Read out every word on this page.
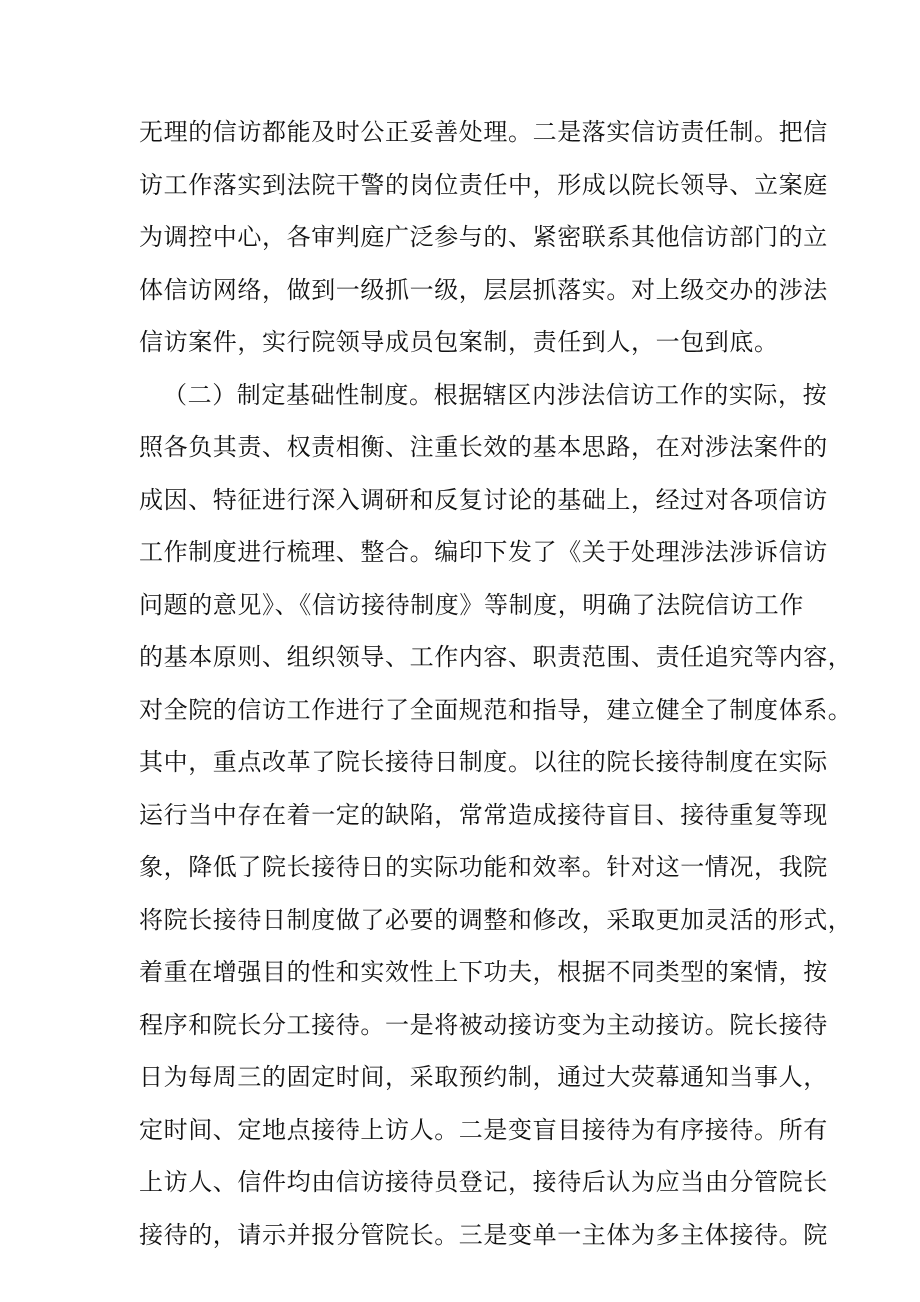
无理的信访都能及时公正妥善处理。二是落实信访责任制。把信
访工作落实到法院干警的岗位责任中，形成以院长领导、立案庭
为调控中心，各审判庭广泛参与的、紧密联系其他信访部门的立
体信访网络，做到一级抓一级，层层抓落实。对上级交办的涉法
信访案件，实行院领导成员包案制，责任到人，一包到底。
（二）制定基础性制度。根据辖区内涉法信访工作的实际，按
照各负其责、权责相衡、注重长效的基本思路，在对涉法案件的
成因、特征进行深入调研和反复讨论的基础上，经过对各项信访
工作制度进行梳理、整合。编印下发了《关于处理涉法涉诉信访
问题的意见》、《信访接待制度》等制度，明确了法院信访工作
的基本原则、组织领导、工作内容、职责范围、责任追究等内容，
对全院的信访工作进行了全面规范和指导，建立健全了制度体系。
其中，重点改革了院长接待日制度。以往的院长接待制度在实际
运行当中存在着一定的缺陷，常常造成接待盲目、接待重复等现
象，降低了院长接待日的实际功能和效率。针对这一情况，我院
将院长接待日制度做了必要的调整和修改，采取更加灵活的形式，
着重在增强目的性和实效性上下功夫，根据不同类型的案情，按
程序和院长分工接待。一是将被动接访变为主动接访。院长接待
日为每周三的固定时间，采取预约制，通过大荧幕通知当事人，
定时间、定地点接待上访人。二是变盲目接待为有序接待。所有
上访人、信件均由信访接待员登记，接待后认为应当由分管院长
接待的，请示并报分管院长。三是变单一主体为多主体接待。院
